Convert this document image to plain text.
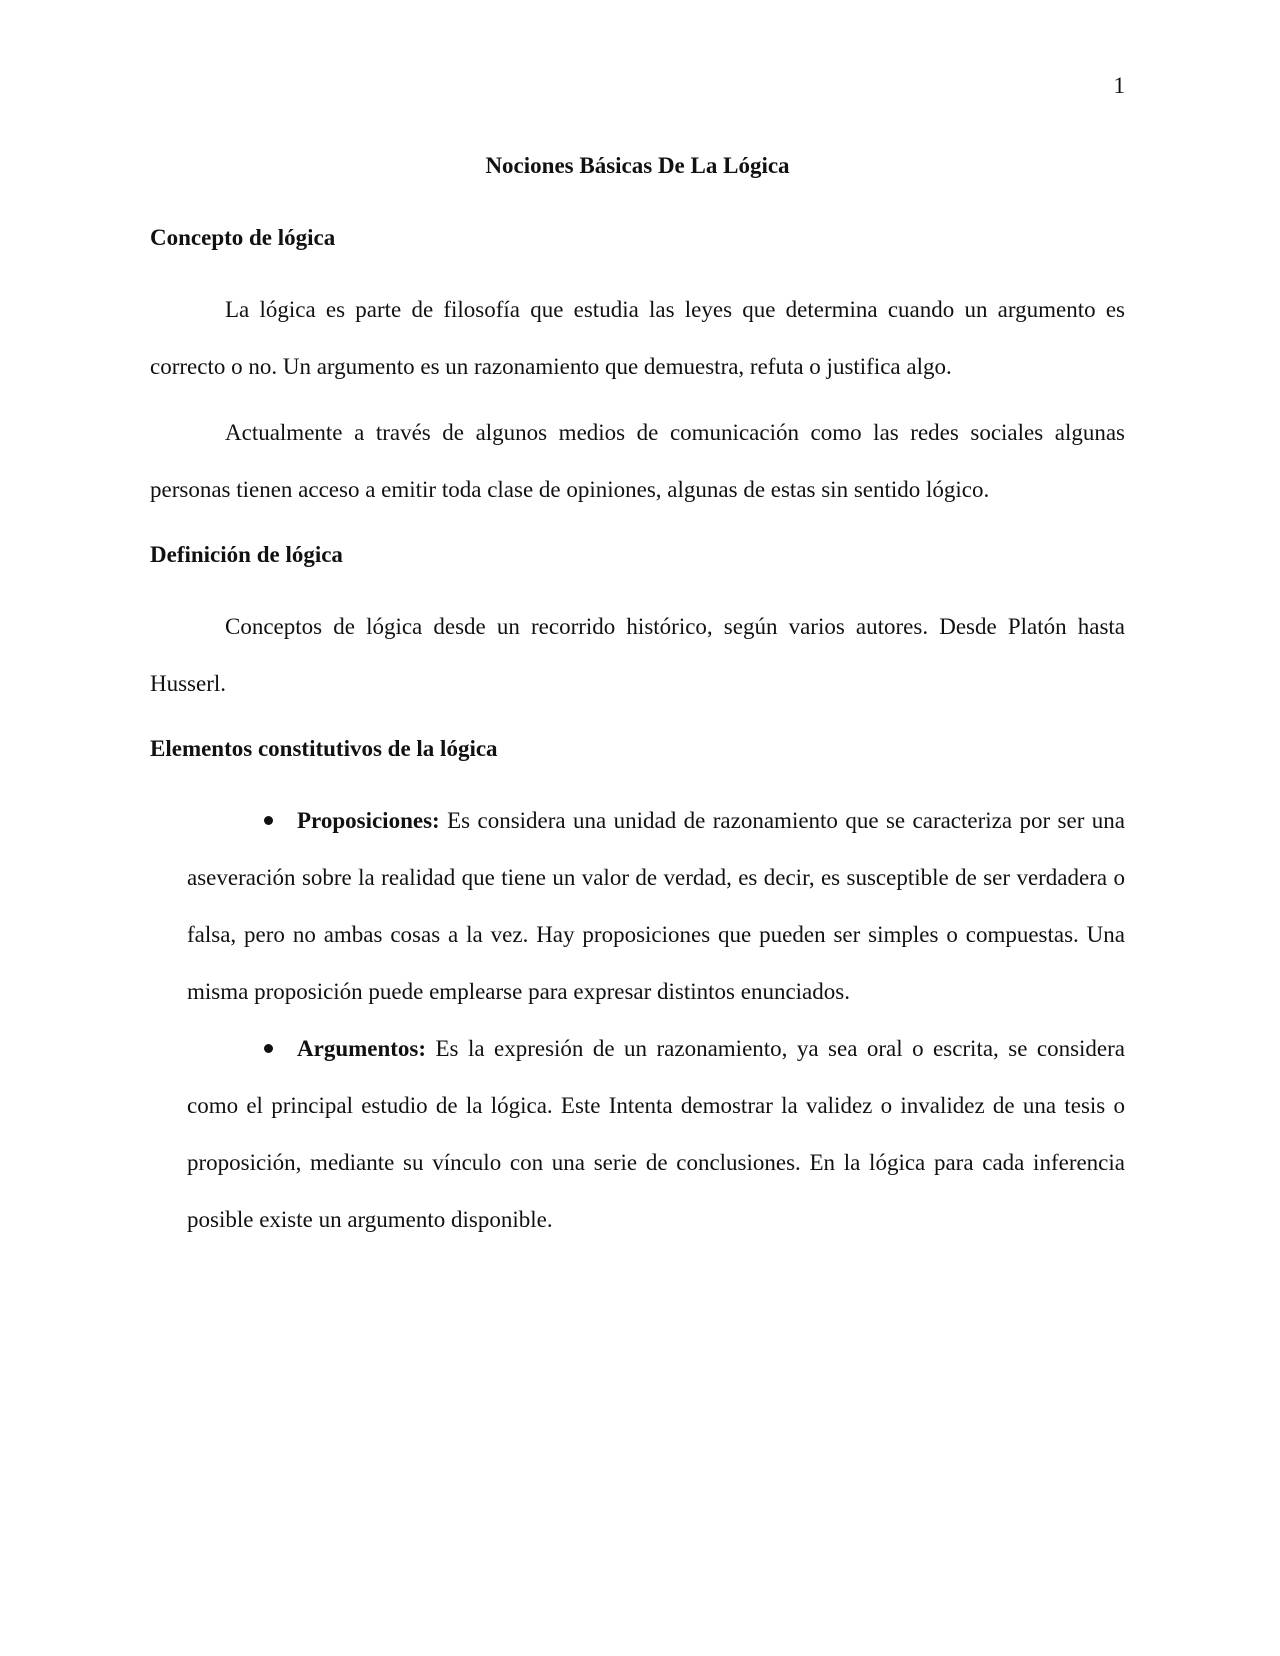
1
Nociones Básicas De La Lógica
Concepto de lógica

La lógica es parte de filosofía que estudia las leyes que determina cuando un argumento es correcto o no. Un argumento es un razonamiento que demuestra, refuta o justifica algo.

Actualmente a través de algunos medios de comunicación como las redes sociales algunas personas tienen acceso a emitir toda clase de opiniones, algunas de estas sin sentido lógico.

Definición de lógica

Conceptos de lógica desde un recorrido histórico, según varios autores. Desde Platón hasta Husserl.

Elementos constitutivos de la lógica
Proposiciones: Es considera una unidad de razonamiento que se caracteriza por ser una aseveración sobre la realidad que tiene un valor de verdad, es decir, es susceptible de ser verdadera o falsa, pero no ambas cosas a la vez. Hay proposiciones que pueden ser simples o compuestas. Una misma proposición puede emplearse para expresar distintos enunciados.
Argumentos: Es la expresión de un razonamiento, ya sea oral o escrita, se considera como el principal estudio de la lógica. Este Intenta demostrar la validez o invalidez de una tesis o proposición, mediante su vínculo con una serie de conclusiones. En la lógica para cada inferencia posible existe un argumento disponible.
